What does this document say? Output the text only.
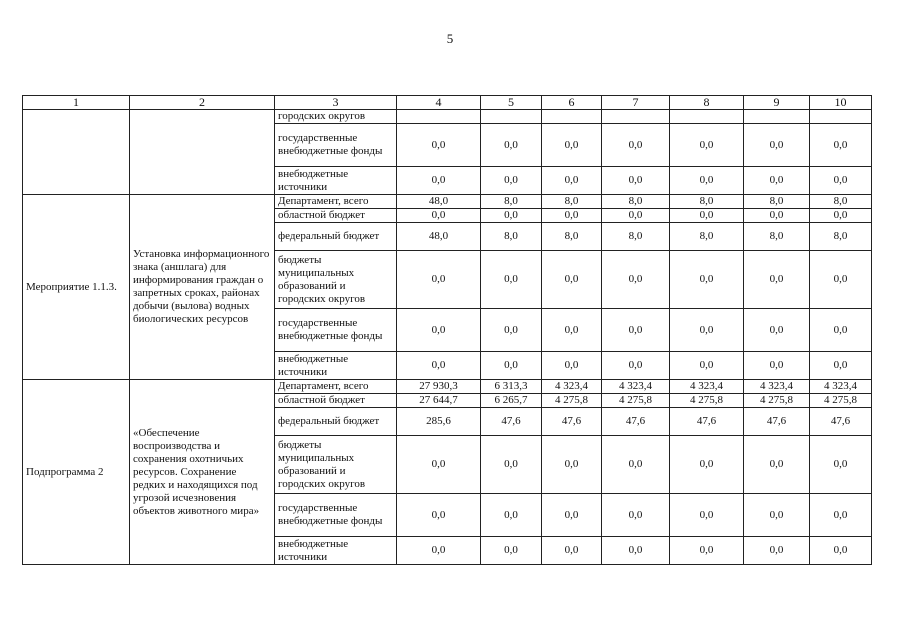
5
1	2	3	4	5	6	7	8	9	10
		городских округов							
		государственные внебюджетные фонды	0,0	0,0	0,0	0,0	0,0	0,0	0,0
		внебюджетные источники	0,0	0,0	0,0	0,0	0,0	0,0	0,0
Мероприятие 1.1.3.	Установка информационного знака (аншлага) для информирования граждан о запретных сроках, районах добычи (вылова) водных биологических ресурсов	Департамент, всего	48,0	8,0	8,0	8,0	8,0	8,0	8,0
		областной бюджет	0,0	0,0	0,0	0,0	0,0	0,0	0,0
		федеральный бюджет	48,0	8,0	8,0	8,0	8,0	8,0	8,0
		бюджеты муниципальных образований и городских округов	0,0	0,0	0,0	0,0	0,0	0,0	0,0
		государственные внебюджетные фонды	0,0	0,0	0,0	0,0	0,0	0,0	0,0
		внебюджетные источники	0,0	0,0	0,0	0,0	0,0	0,0	0,0
Подпрограмма 2	«Обеспечение воспроизводства и сохранения охотничьих ресурсов. Сохранение редких и находящихся под угрозой исчезновения объектов животного мира»	Департамент, всего	27 930,3	6 313,3	4 323,4	4 323,4	4 323,4	4 323,4	4 323,4
		областной бюджет	27 644,7	6 265,7	4 275,8	4 275,8	4 275,8	4 275,8	4 275,8
		федеральный бюджет	285,6	47,6	47,6	47,6	47,6	47,6	47,6
		бюджеты муниципальных образований и городских округов	0,0	0,0	0,0	0,0	0,0	0,0	0,0
		государственные внебюджетные фонды	0,0	0,0	0,0	0,0	0,0	0,0	0,0
		внебюджетные источники	0,0	0,0	0,0	0,0	0,0	0,0	0,0
